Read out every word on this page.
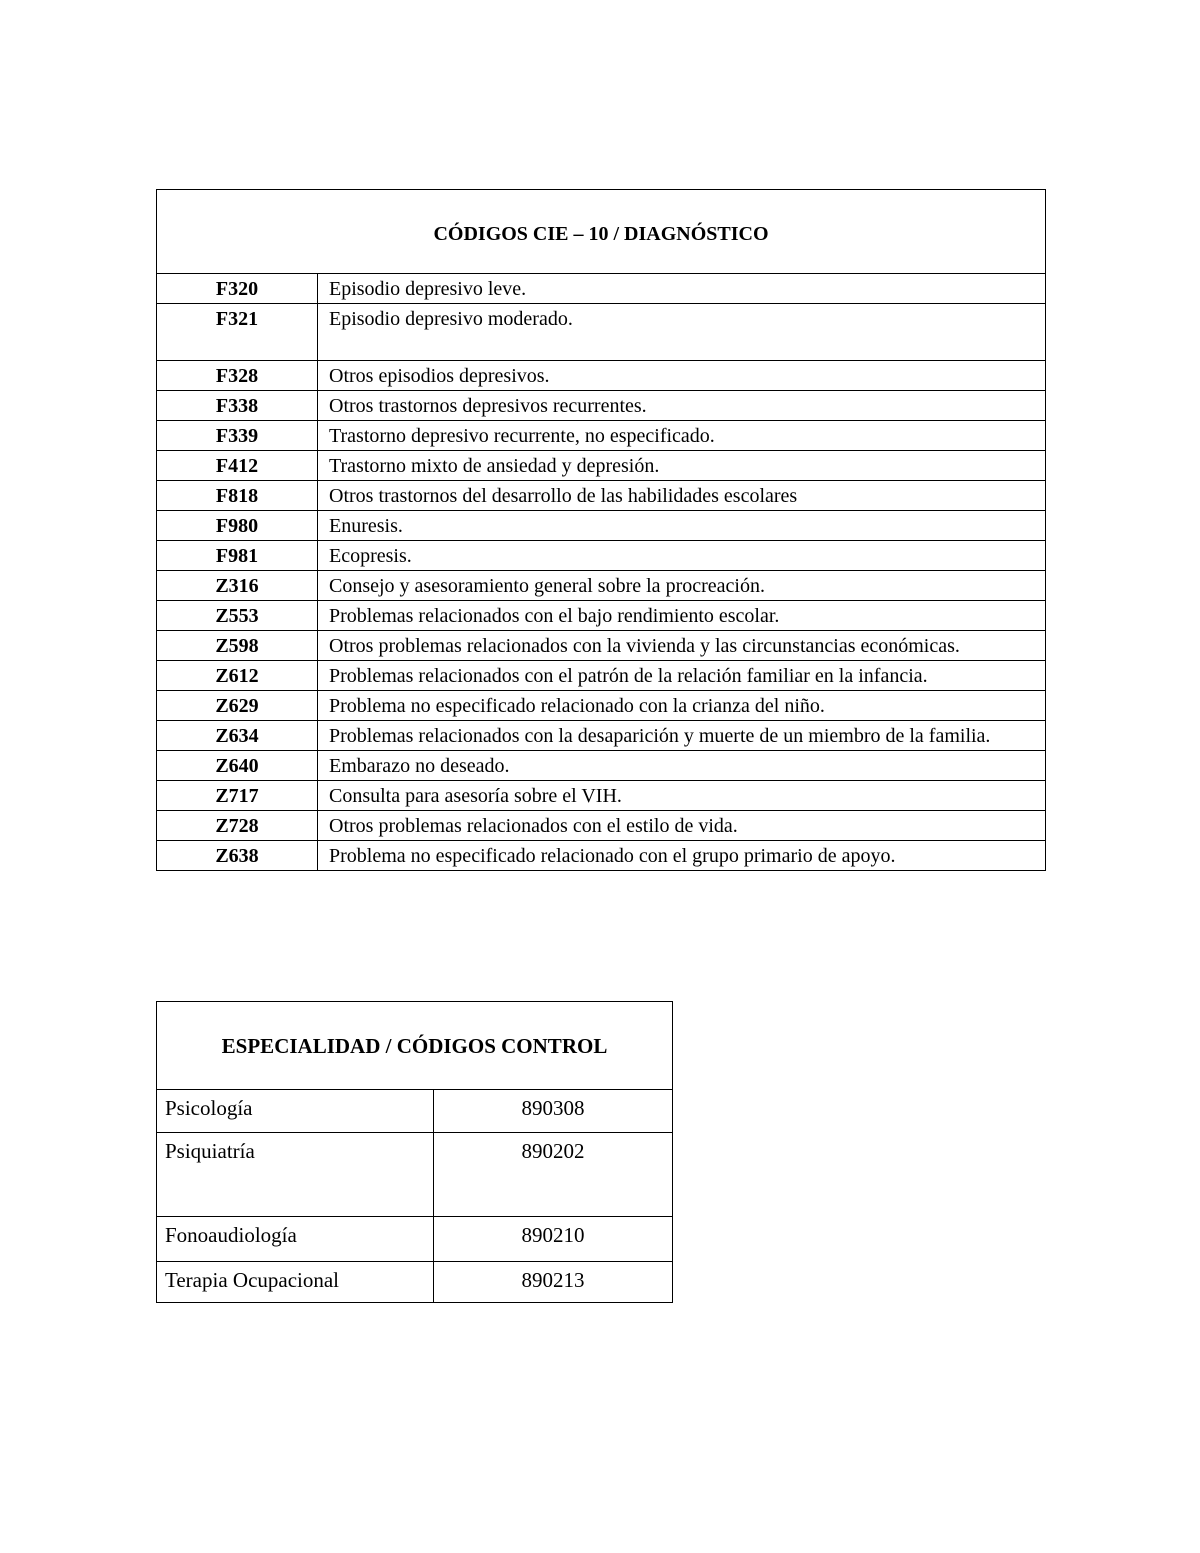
CÓDIGOS CIE – 10 / DIAGNÓSTICO	
F320	Episodio depresivo leve.
F321	Episodio depresivo moderado.
F328	Otros episodios depresivos.
F338	Otros trastornos depresivos recurrentes.
F339	Trastorno depresivo recurrente, no especificado.
F412	Trastorno mixto de ansiedad y depresión.
F818	Otros trastornos del desarrollo de las habilidades escolares
F980	Enuresis.
F981	Ecopresis.
Z316	Consejo y asesoramiento general sobre la procreación.
Z553	Problemas relacionados con el bajo rendimiento escolar.
Z598	Otros problemas relacionados con la vivienda y las circunstancias económicas.
Z612	Problemas relacionados con el patrón de la relación familiar en la infancia.
Z629	Problema no especificado relacionado con la crianza del niño.
Z634	Problemas relacionados con la desaparición y muerte de un miembro de la familia.
Z640	Embarazo no deseado.
Z717	Consulta para asesoría sobre el VIH.
Z728	Otros problemas relacionados con el estilo de vida.
Z638	Problema no especificado relacionado con el grupo primario de apoyo.
ESPECIALIDAD / CÓDIGOS CONTROL	
Psicología	890308
Psiquiatría	890202
Fonoaudiología	890210
Terapia Ocupacional	890213
